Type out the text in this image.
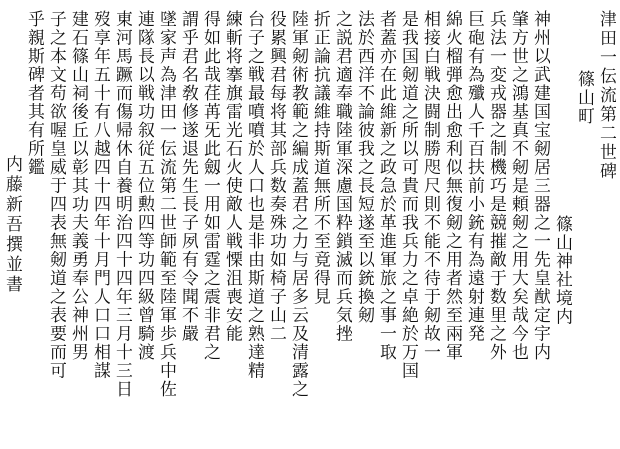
津田一伝流第二世碑
篠山町
篠山神社境内
神州以武建国宝剱居三器之一先皇猷定宇内
肇方世之鴻基真不剱是頼剱之用大矣哉今也
兵法一変戎器之制機巧是競摧敵于数里之外
巨砲有為殲人千百扶前小銃有為遠射連発
綿火榴弾愈出愈利似無復剱之用者然至兩軍
相接白戦決闘制勝咫尺則不能不待于剱故一
是我国剱道之所以可貴而我兵力之卓絶於万国
者蓋亦在此維新之政急於革進軍旅之事一取
法於西洋不論彼我之長短遂至以銃換剱
之説君適奉職陸軍深慮国粋鎖滅而兵気挫
折正論抗議維持斯道無所不至竟得見
陸軍剱術教範之編成蓋君之力与居多云及清露之
役累興君每将其部兵数奏殊功如椅子山二
台子之戦最噴噴於人口也是非由斯道之熟達精
練斬将搴旗雷光石火使敵人戦慄沮喪安能
得如此哉荏苒旡此劔一用如雷霆之震非君之
謂乎君名敎修遂退先生長子夙有令聞不嚴
墜家声為津田一伝流第二世師範至陸軍歩兵中佐
連隊長以戦功叙従五位勲四等功四級曾騎渡
東河馬蹶而傷帰休自養明治四十四年三月十三日
歿享年五十有八越四十四年十月門人口口相謀
建石篠山祠後丘以彰其功夫義勇奉公神州男
子之本文苟欲喔皇威于四表無剱道之表要而可
乎親斯碑者其有所鑑
内藤新吾撰並書
